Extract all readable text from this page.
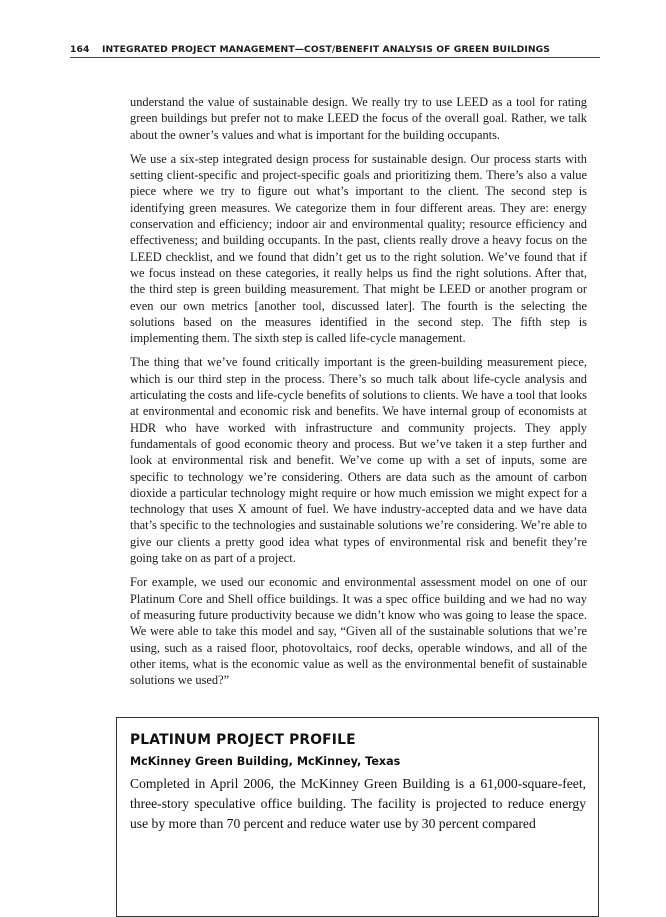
164 INTEGRATED PROJECT MANAGEMENT—COST/BENEFIT ANALYSIS OF GREEN BUILDINGS

understand the value of sustainable design. We really try to use LEED as a tool for rating green buildings but prefer not to make LEED the focus of the overall goal. Rather, we talk about the owner’s values and what is important for the building occupants.

We use a six-step integrated design process for sustainable design. Our process starts with setting client-specific and project-specific goals and prioritizing them. There’s also a value piece where we try to figure out what’s important to the client. The second step is identifying green measures. We categorize them in four different areas. They are: energy conservation and efficiency; indoor air and environmental quality; resource efficiency and effectiveness; and building occupants. In the past, clients really drove a heavy focus on the LEED checklist, and we found that didn’t get us to the right solution. We’ve found that if we focus instead on these categories, it really helps us find the right solutions. After that, the third step is green building measurement. That might be LEED or another program or even our own metrics [another tool, discussed later]. The fourth is the selecting the solutions based on the measures identified in the second step. The fifth step is implementing them. The sixth step is called life-cycle management.

The thing that we’ve found critically important is the green-building measurement piece, which is our third step in the process. There’s so much talk about life-cycle analysis and articulating the costs and life-cycle benefits of solutions to clients. We have a tool that looks at environmental and economic risk and benefits. We have internal group of economists at HDR who have worked with infrastructure and community projects. They apply fundamentals of good economic theory and process. But we’ve taken it a step further and look at environmental risk and benefit. We’ve come up with a set of inputs, some are specific to technology we’re considering. Others are data such as the amount of carbon dioxide a particular technology might require or how much emission we might expect for a technology that uses X amount of fuel. We have industry-accepted data and we have data that’s specific to the technologies and sustainable solutions we’re considering. We’re able to give our clients a pretty good idea what types of environmental risk and benefit they’re going take on as part of a project.

For example, we used our economic and environmental assessment model on one of our Platinum Core and Shell office buildings. It was a spec office building and we had no way of measuring future productivity because we didn’t know who was going to lease the space. We were able to take this model and say, “Given all of the sustainable solutions that we’re using, such as a raised floor, photovoltaics, roof decks, operable windows, and all of the other items, what is the economic value as well as the environmental benefit of sustainable solutions we used?”

PLATINUM PROJECT PROFILE
McKinney Green Building, McKinney, Texas

Completed in April 2006, the McKinney Green Building is a 61,000-square-feet, three-story speculative office building. The facility is projected to reduce energy use by more than 70 percent and reduce water use by 30 percent compared
